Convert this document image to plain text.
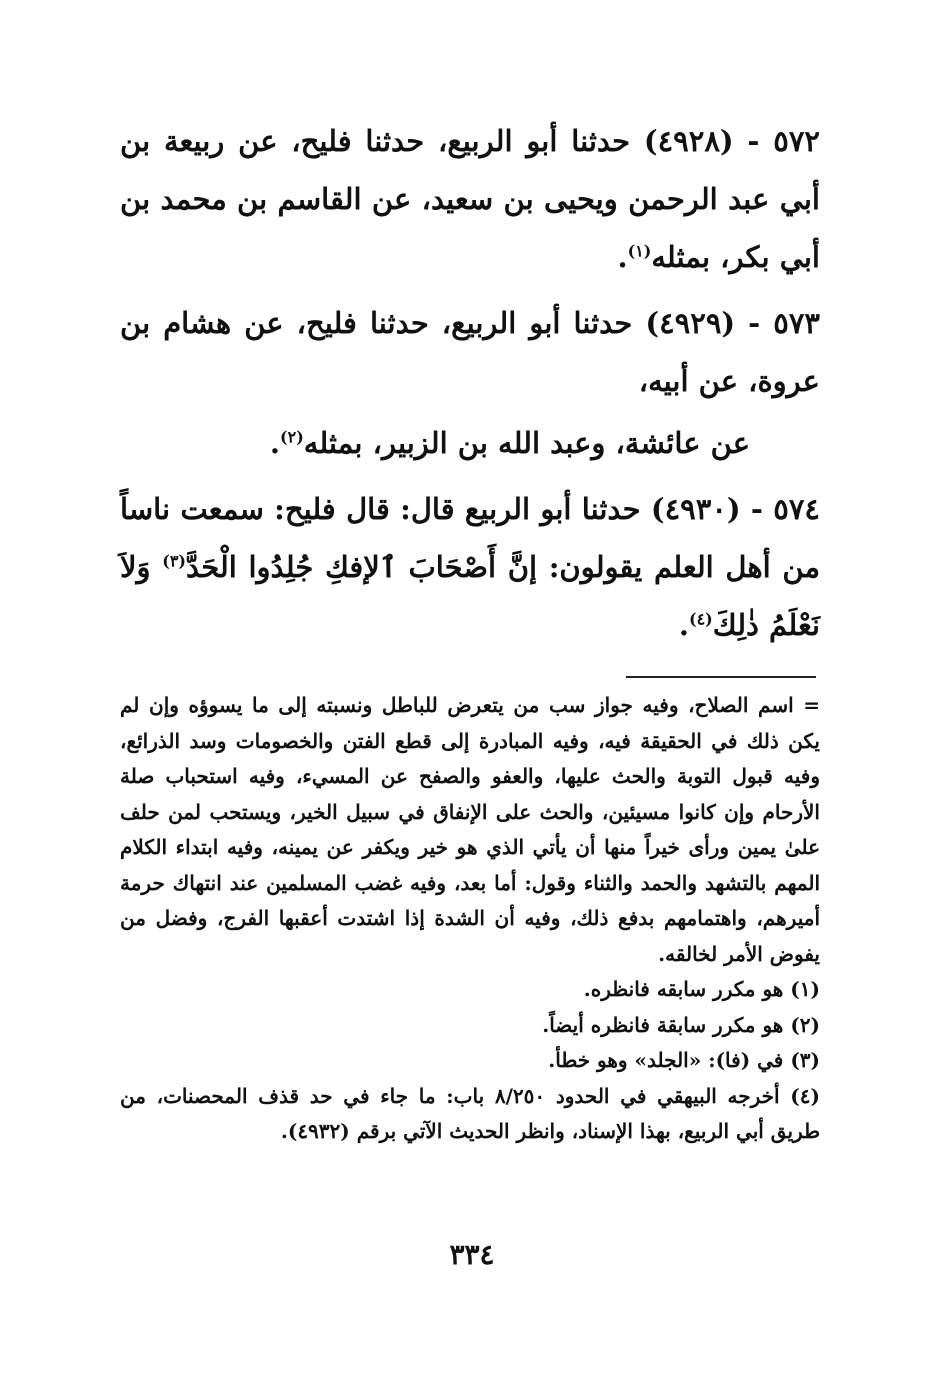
٥٧٢ - (٤٩٢٨) حدثنا أبو الربيع، حدثنا فليح، عن ربيعة بن أبي عبد الرحمن ويحيى بن سعيد، عن القاسم بن محمد بن أبي بكر، بمثله$^{(١)}$.

٥٧٣ - (٤٩٢٩) حدثنا أبو الربيع، حدثنا فليح، عن هشام بن عروة، عن أبيه،

عن عائشة، وعبد الله بن الزبير، بمثله$^{(٢)}$.

٥٧٤ - (٤٩٣٠) حدثنا أبو الربيع قال: قال فليح: سمعت ناساً من أهل العلم يقولون: إنَّ أَصْحَابَ ٱلإفكِ جُلِدُوا الْحَدَّ$^{(٣)}$ وَلاَ نَعْلَمُ ذٰلِكَ$^{(٤)}$.

= اسم الصلاح، وفيه جواز سب من يتعرض للباطل ونسبته إلى ما يسوؤه وإن لم يكن ذلك في الحقيقة فيه، وفيه المبادرة إلى قطع الفتن والخصومات وسد الذرائع، وفيه قبول التوبة والحث عليها، والعفو والصفح عن المسيء، وفيه استحباب صلة الأرحام وإن كانوا مسيئين، والحث على الإنفاق في سبيل الخير، ويستحب لمن حلف علىٰ يمين ورأى خيراً منها أن يأتي الذي هو خير ويكفر عن يمينه، وفيه ابتداء الكلام المهم بالتشهد والحمد والثناء وقول: أما بعد، وفيه غضب المسلمين عند انتهاك حرمة أميرهم، واهتمامهم بدفع ذلك، وفيه أن الشدة إذا اشتدت أعقبها الفرج، وفضل من يفوض الأمر لخالقه.

(١) هو مكرر سابقه فانظره.

(٢) هو مكرر سابقة فانظره أيضاً.

(٣) في (فا): «الجلد» وهو خطأ.

(٤) أخرجه البيهقي في الحدود ٨/٢٥٠ باب: ما جاء في حد قذف المحصنات، من طريق أبي الربيع، بهذا الإسناد، وانظر الحديث الآتي برقم (٤٩٣٢).

٣٣٤
